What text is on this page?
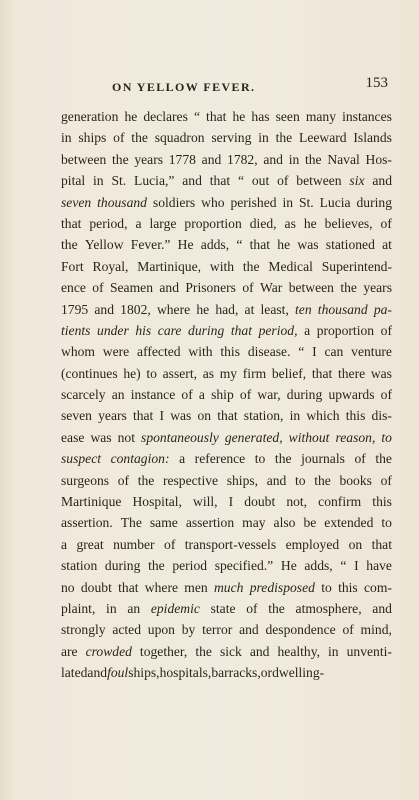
ON YELLOW FEVER.	153
generation he declares “ that he has seen many instances
in ships of the squadron serving in the Leeward Islands
between the years 1778 and 1782, and in the Naval Hos-
pital in St. Lucia,” and that “ out of between six and
seven thousand soldiers who perished in St. Lucia during
that period, a large proportion died, as he believes, of
the Yellow Fever.” He adds, “ that he was stationed at
Fort Royal, Martinique, with the Medical Superintend-
ence of Seamen and Prisoners of War between the years
1795 and 1802, where he had, at least, ten thousand pa-
tients under his care during that period, a proportion of
whom were affected with this disease. “ I can venture
(continues he) to assert, as my firm belief, that there was
scarcely an instance of a ship of war, during upwards of
seven years that I was on that station, in which this dis-
ease was not spontaneously generated, without reason, to
suspect contagion: a reference to the journals of the
surgeons of the respective ships, and to the books of
Martinique Hospital, will, I doubt not, confirm this
assertion. The same assertion may also be extended to
a great number of transport-vessels employed on that
station during the period specified.” He adds, “ I have
no doubt that where men much predisposed to this com-
plaint, in an epidemic state of the atmosphere, and
strongly acted upon by terror and despondence of mind,
are crowded together, the sick and healthy, in unventi-
lated and foul ships, hospitals, barracks, or dwelling-
